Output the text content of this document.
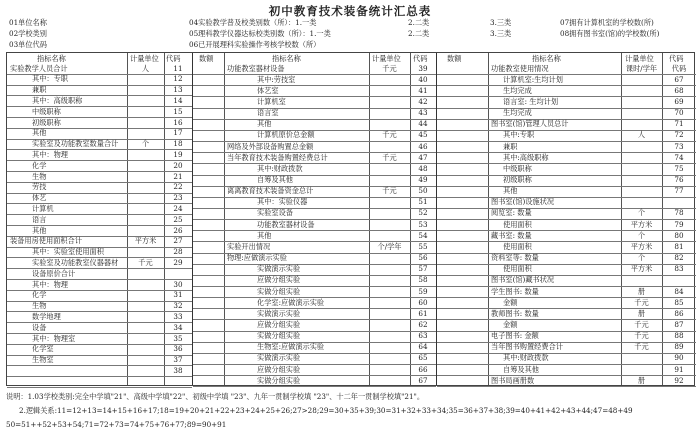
初中教育技术装备统计汇总表
01单位名称	04实验教学普及校类别数（所）：1.一类	2.二类	3.三类	07拥有计算机室的学校数(所)
02学校类别	05理科教学仪器达标校类别数（所）：1.一类	2.二类	3.三类	08拥有图书室(馆)的学校数(所)
03单位代码	06已开展理科实验操作考核学校数（所）
指标名称	计量单位 代码	数额	指标名称	计量单位 代码	数额	指标名称	计量单位 代码
实验教学人员合计	人	11
其中：专职	12
兼职	13
其中：高级职称	14
中级职称	15
初级职称	16
其他	17
实验室及功能教室数量合计	个	18
其中：物理	19
化学	20
生物	21
劳技	22
体艺	23
计算机	24
语言	25
其他	26
装备用房使用面积合计	平方米	27
其中：实验室使用面积	28
实验室及功能教室仪器器材	千元	29
设备原价合计
其中：物理	30
化学	31
生物	32
数学地理	33
设备	34
其中：物理室	35
化学室	36
生物室	37
38
功能教室器材设备	千元	39
其中:劳技室	40
体艺室	41
计算机室	42
语言室	43
其他	44
计算机原价总金额	千元	45
网络及外部设备购置总金额	46
当年教育技术装备购置经费总计	千元	47
其中:财政拨款	48
自筹及其他	49
离离教育技术装备资金总计	千元	50
其中：实验仪器	51
实验室设备	52
功能教室器材设备	53
其他	54
实验开出情况	个/学年	55
物理:应做演示实验	56
实做演示实验	57
应做分组实验	58
实做分组实验	59
化学室:应做演示实验	60
实做演示实验	61
应做分组实验	62
实做分组实验	63
生物室:应做演示实验	64
实做演示实验	65
应做分组实验	66
实做分组实验	67
功能教室使用情况	课时/学年	代码
计算机室:生均计划	67
生均完成	68
语言室: 生均计划	69
生均完成	70
图书室(馆)管理人员总计	71
其中:专职	人	72
兼职	73
其中:高级职称	74
中级职称	75
初级职称	76
其他	77
图书室(馆)设施状况
阅览室: 数量	个	78
使用面积	平方米	79
藏书室: 数量	个	80
使用面积	平方米	81
资料室等: 数量	个	82
使用面积	平方米	83
图书室(馆)藏书状况
学生图书: 数量	册	84
金额	千元	85
教师图书: 数量	册	86
金额	千元	87
电子图书: 金额	千元	88
当年图书购置经费合计	千元	89
其中:财政拨款	90
自筹及其他	91
图书局画册数	册	92
说明：1.03学校类别:完全中学填"21"、高级中学填"22"、初级中学填 "23"、九年一贯制学校填 "23"、十二年一贯制学校填"21"。
2.逻辑关系:11=12+13=14+15+16+17;18=19+20+21+22+23+24+25+26;27>28;29=30+35+39;30=31+32+33+34;35=36+37+38;39=40+41+42+43+44;47=48+49
50=51++52+53+54;71=72+73=74+75+76+77;89=90+91
